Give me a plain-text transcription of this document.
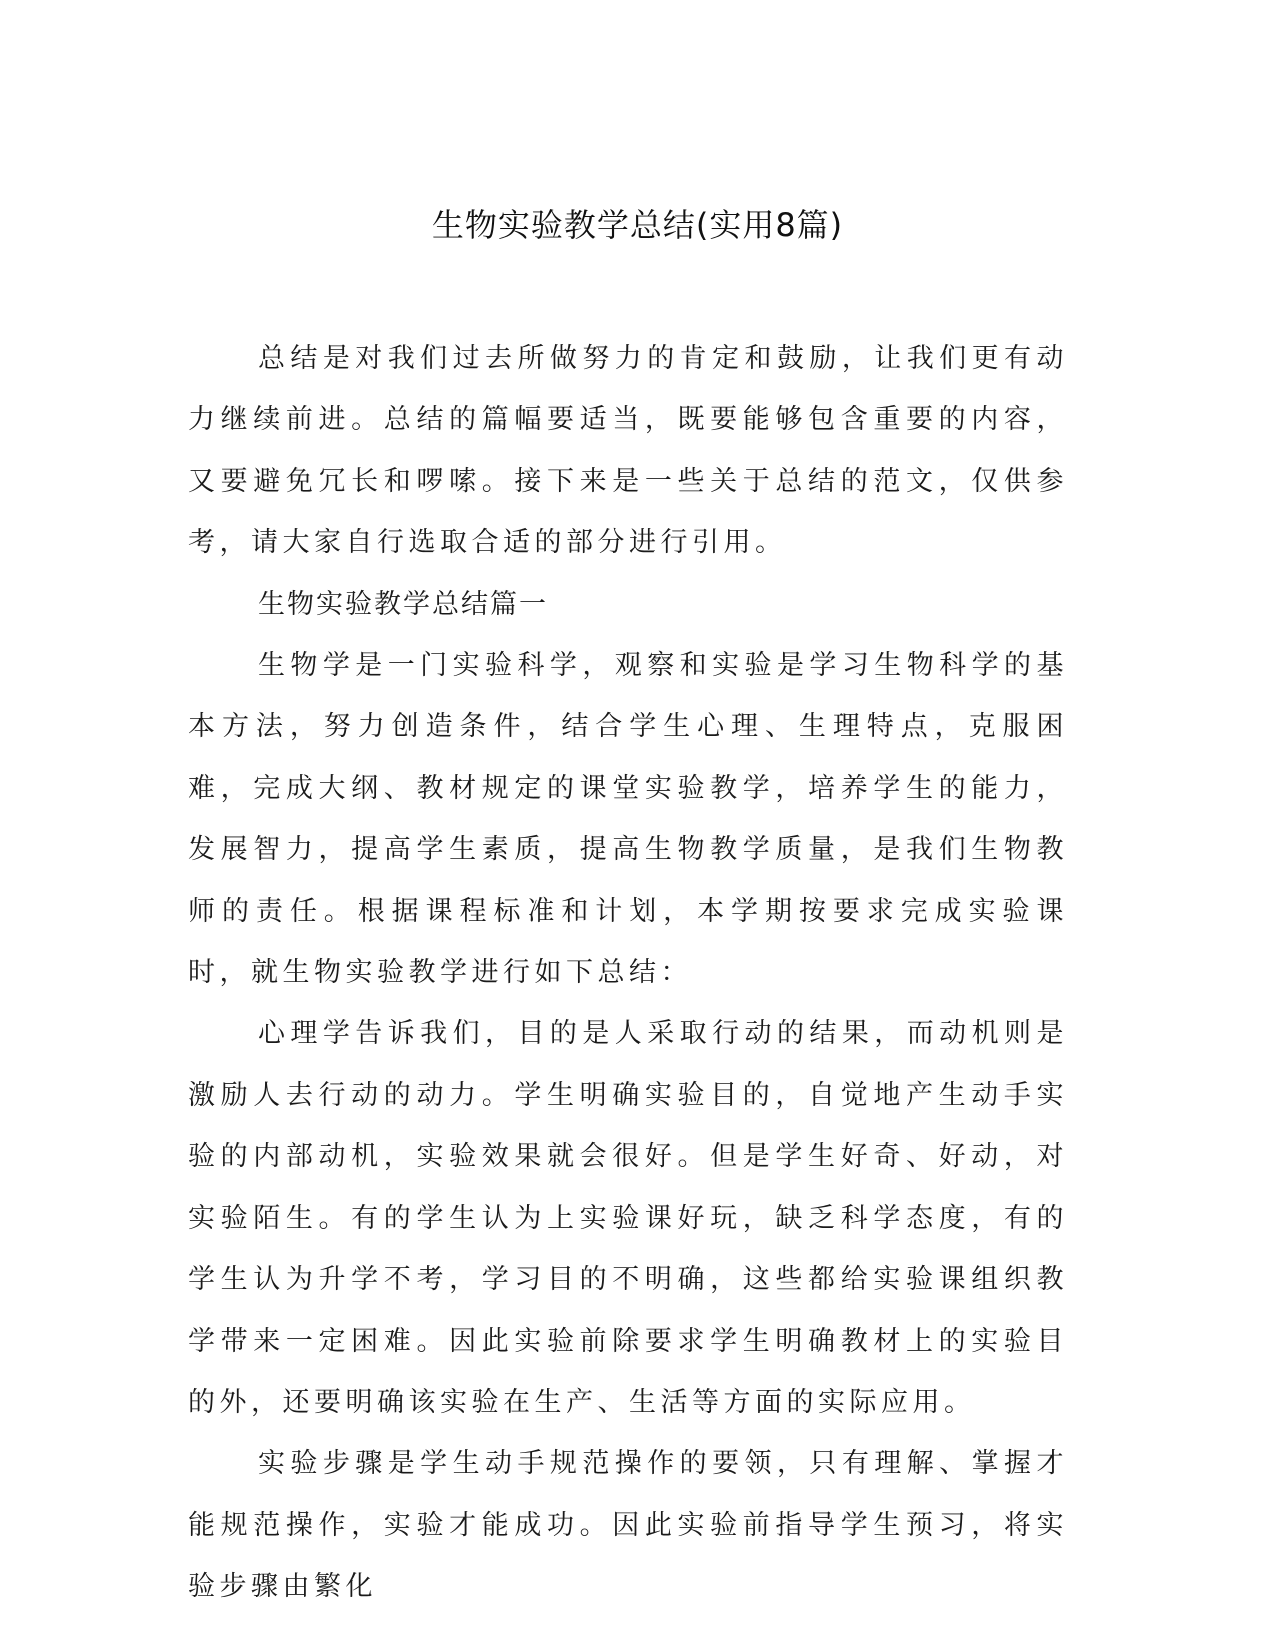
生物实验教学总结(实用8篇)

总结是对我们过去所做努力的肯定和鼓励，让我们更有动力继续前进。总结的篇幅要适当，既要能够包含重要的内容，又要避免冗长和啰嗦。接下来是一些关于总结的范文，仅供参考，请大家自行选取合适的部分进行引用。

生物实验教学总结篇一

生物学是一门实验科学，观察和实验是学习生物科学的基本方法，努力创造条件，结合学生心理、生理特点，克服困难，完成大纲、教材规定的课堂实验教学，培养学生的能力，发展智力，提高学生素质，提高生物教学质量，是我们生物教师的责任。根据课程标准和计划，本学期按要求完成实验课时，就生物实验教学进行如下总结：

心理学告诉我们，目的是人采取行动的结果，而动机则是激励人去行动的动力。学生明确实验目的，自觉地产生动手实验的内部动机，实验效果就会很好。但是学生好奇、好动，对实验陌生。有的学生认为上实验课好玩，缺乏科学态度，有的学生认为升学不考，学习目的不明确，这些都给实验课组织教学带来一定困难。因此实验前除要求学生明确教材上的实验目的外，还要明确该实验在生产、生活等方面的实际应用。

实验步骤是学生动手规范操作的要领，只有理解、掌握才能规范操作，实验才能成功。因此实验前指导学生预习，将实验步骤由繁化
